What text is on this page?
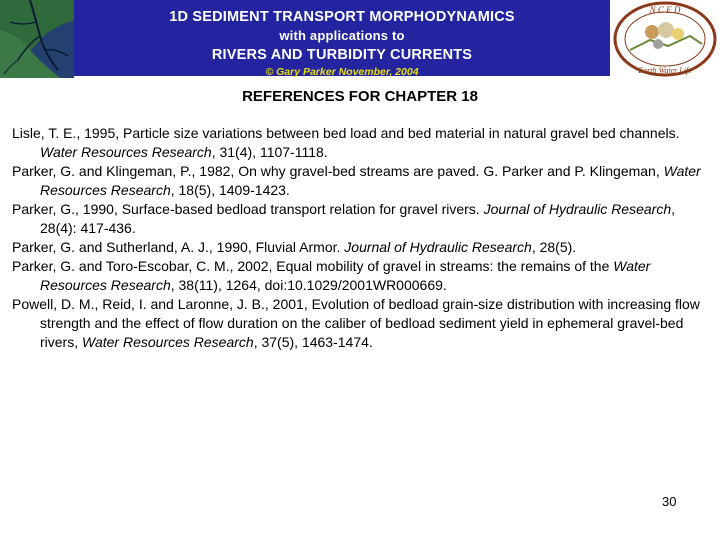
1D SEDIMENT TRANSPORT MORPHODYNAMICS
with applications to
RIVERS AND TURBIDITY CURRENTS
© Gary Parker November, 2004
N C E D
Earth Water Life
REFERENCES FOR CHAPTER 18

Lisle, T. E., 1995, Particle size variations between bed load and bed material in natural gravel bed channels. Water Resources Research, 31(4), 1107-1118.

Parker, G. and Klingeman, P., 1982, On why gravel‑bed streams are paved. G. Parker and P. Klingeman, Water Resources Research, 18(5), 1409‑1423.

Parker, G., 1990, Surface-based bedload transport relation for gravel rivers. Journal of Hydraulic Research, 28(4): 417-436.

Parker, G. and Sutherland, A. J., 1990, Fluvial Armor. Journal of Hydraulic Research, 28(5).

Parker, G. and Toro-Escobar, C. M., 2002, Equal mobility of gravel in streams: the remains of the Water Resources Research, 38(11), 1264, doi:10.1029/2001WR000669.

Powell, D. M., Reid, I. and Laronne, J. B., 2001, Evolution of bedload grain-size distribution with increasing flow strength and the effect of flow duration on the caliber of bedload sediment yield in ephemeral gravel-bed rivers, Water Resources Research, 37(5), 1463-1474.

30
